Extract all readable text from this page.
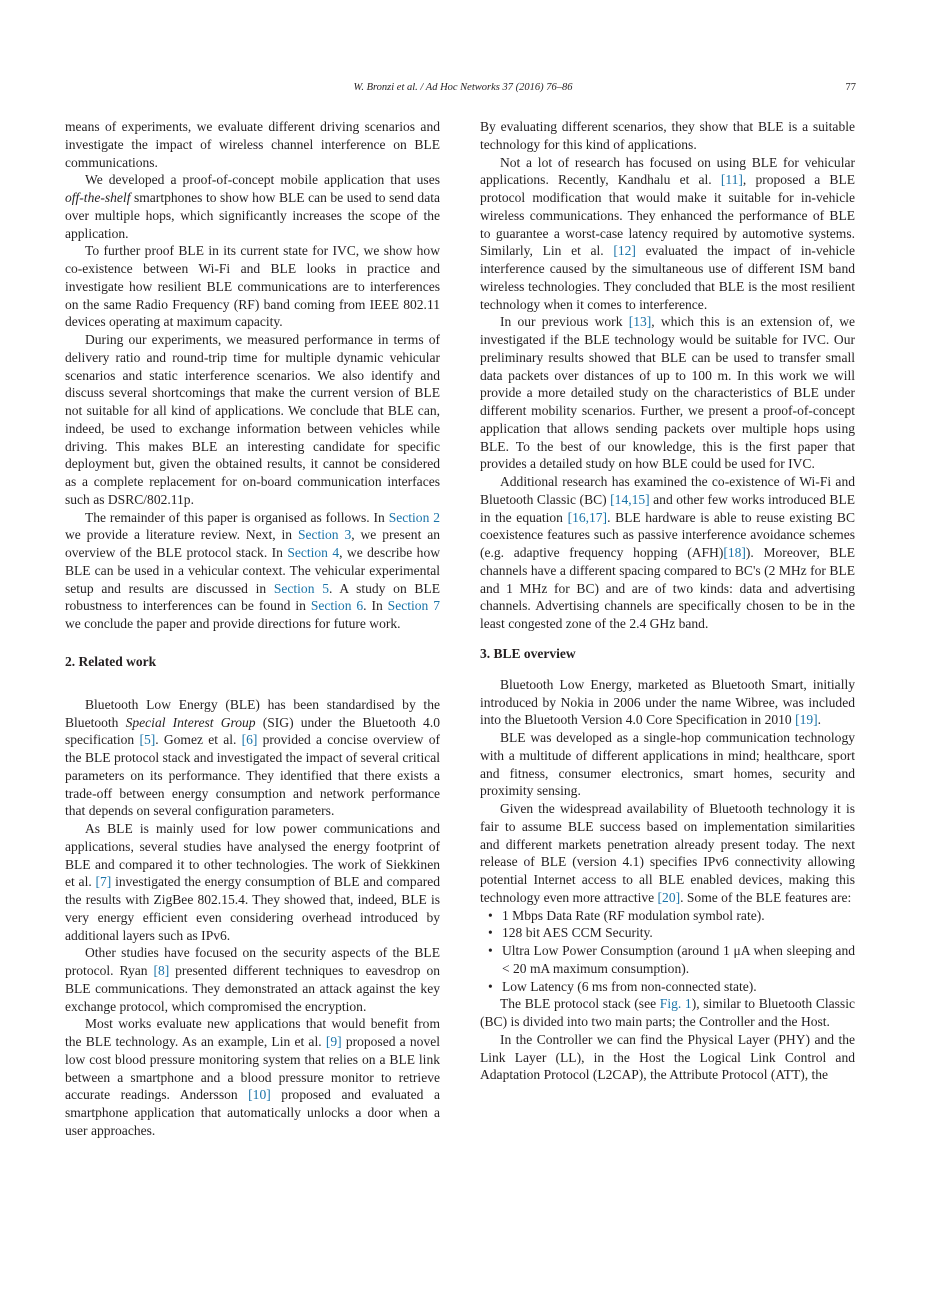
W. Bronzi et al. / Ad Hoc Networks 37 (2016) 76–86	77

means of experiments, we evaluate different driving scenarios and investigate the impact of wireless channel interference on BLE communications.

We developed a proof-of-concept mobile application that uses off-the-shelf smartphones to show how BLE can be used to send data over multiple hops, which significantly increases the scope of the application.

To further proof BLE in its current state for IVC, we show how co-existence between Wi-Fi and BLE looks in practice and investigate how resilient BLE communications are to interferences on the same Radio Frequency (RF) band coming from IEEE 802.11 devices operating at maximum capacity.

During our experiments, we measured performance in terms of delivery ratio and round-trip time for multiple dynamic vehicular scenarios and static interference scenarios. We also identify and discuss several shortcomings that make the current version of BLE not suitable for all kind of applications. We conclude that BLE can, indeed, be used to exchange information between vehicles while driving. This makes BLE an interesting candidate for specific deployment but, given the obtained results, it cannot be considered as a complete replacement for on-board communication interfaces such as DSRC/802.11p.

The remainder of this paper is organised as follows. In Section 2 we provide a literature review. Next, in Section 3, we present an overview of the BLE protocol stack. In Section 4, we describe how BLE can be used in a vehicular context. The vehicular experimental setup and results are discussed in Section 5. A study on BLE robustness to interferences can be found in Section 6. In Section 7 we conclude the paper and provide directions for future work.

2. Related work

Bluetooth Low Energy (BLE) has been standardised by the Bluetooth Special Interest Group (SIG) under the Bluetooth 4.0 specification [5]. Gomez et al. [6] provided a concise overview of the BLE protocol stack and investigated the impact of several critical parameters on its performance. They identified that there exists a trade-off between energy consumption and network performance that depends on several configuration parameters.

As BLE is mainly used for low power communications and applications, several studies have analysed the energy footprint of BLE and compared it to other technologies. The work of Siekkinen et al. [7] investigated the energy consumption of BLE and compared the results with ZigBee 802.15.4. They showed that, indeed, BLE is very energy efficient even considering overhead introduced by additional layers such as IPv6.

Other studies have focused on the security aspects of the BLE protocol. Ryan [8] presented different techniques to eavesdrop on BLE communications. They demonstrated an attack against the key exchange protocol, which compromised the encryption.

Most works evaluate new applications that would benefit from the BLE technology. As an example, Lin et al. [9] proposed a novel low cost blood pressure monitoring system that relies on a BLE link between a smartphone and a blood pressure monitor to retrieve accurate readings. Andersson [10] proposed and evaluated a smartphone application that automatically unlocks a door when a user approaches.

By evaluating different scenarios, they show that BLE is a suitable technology for this kind of applications.

Not a lot of research has focused on using BLE for vehicular applications. Recently, Kandhalu et al. [11], proposed a BLE protocol modification that would make it suitable for in-vehicle wireless communications. They enhanced the performance of BLE to guarantee a worst-case latency required by automotive systems. Similarly, Lin et al. [12] evaluated the impact of in-vehicle interference caused by the simultaneous use of different ISM band wireless technologies. They concluded that BLE is the most resilient technology when it comes to interference.

In our previous work [13], which this is an extension of, we investigated if the BLE technology would be suitable for IVC. Our preliminary results showed that BLE can be used to transfer small data packets over distances of up to 100 m. In this work we will provide a more detailed study on the characteristics of BLE under different mobility scenarios. Further, we present a proof-of-concept application that allows sending packets over multiple hops using BLE. To the best of our knowledge, this is the first paper that provides a detailed study on how BLE could be used for IVC.

Additional research has examined the co-existence of Wi-Fi and Bluetooth Classic (BC) [14,15] and other few works introduced BLE in the equation [16,17]. BLE hardware is able to reuse existing BC coexistence features such as passive interference avoidance schemes (e.g. adaptive frequency hopping (AFH)[18]). Moreover, BLE channels have a different spacing compared to BC's (2 MHz for BLE and 1 MHz for BC) and are of two kinds: data and advertising channels. Advertising channels are specifically chosen to be in the least congested zone of the 2.4 GHz band.

3. BLE overview

Bluetooth Low Energy, marketed as Bluetooth Smart, initially introduced by Nokia in 2006 under the name Wibree, was included into the Bluetooth Version 4.0 Core Specification in 2010 [19].

BLE was developed as a single-hop communication technology with a multitude of different applications in mind; healthcare, sport and fitness, consumer electronics, smart homes, security and proximity sensing.

Given the widespread availability of Bluetooth technology it is fair to assume BLE success based on implementation similarities and different markets penetration already present today. The next release of BLE (version 4.1) specifies IPv6 connectivity allowing potential Internet access to all BLE enabled devices, making this technology even more attractive [20]. Some of the BLE features are:

• 1 Mbps Data Rate (RF modulation symbol rate).
• 128 bit AES CCM Security.
• Ultra Low Power Consumption (around 1 μA when sleeping and < 20 mA maximum consumption).
• Low Latency (6 ms from non-connected state).

The BLE protocol stack (see Fig. 1), similar to Bluetooth Classic (BC) is divided into two main parts; the Controller and the Host.

In the Controller we can find the Physical Layer (PHY) and the Link Layer (LL), in the Host the Logical Link Control and Adaptation Protocol (L2CAP), the Attribute Protocol (ATT), the
